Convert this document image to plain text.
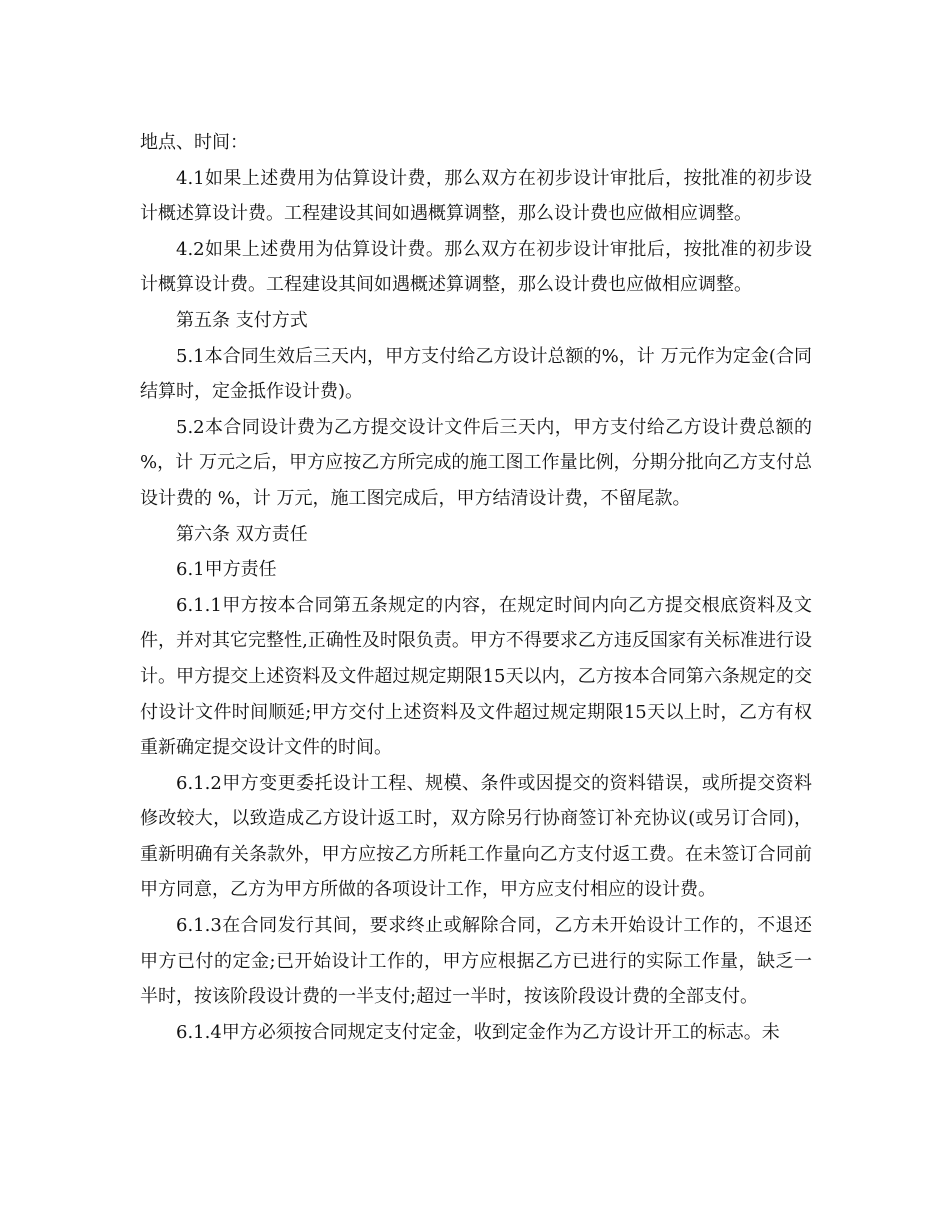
地点、时间：

4.1如果上述费用为估算设计费，那么双方在初步设计审批后，按批准的初步设计概述算设计费。工程建设其间如遇概算调整，那么设计费也应做相应调整。

4.2如果上述费用为估算设计费。那么双方在初步设计审批后，按批准的初步设计概算设计费。工程建设其间如遇概述算调整，那么设计费也应做相应调整。

第五条 支付方式

5.1本合同生效后三天内，甲方支付给乙方设计总额的%，计 万元作为定金(合同结算时，定金抵作设计费)。

5.2本合同设计费为乙方提交设计文件后三天内，甲方支付给乙方设计费总额的 %，计 万元之后，甲方应按乙方所完成的施工图工作量比例，分期分批向乙方支付总设计费的 %，计 万元，施工图完成后，甲方结清设计费，不留尾款。

第六条 双方责任

6.1甲方责任

6.1.1甲方按本合同第五条规定的内容，在规定时间内向乙方提交根底资料及文件，并对其它完整性,正确性及时限负责。甲方不得要求乙方违反国家有关标准进行设计。甲方提交上述资料及文件超过规定期限15天以内，乙方按本合同第六条规定的交付设计文件时间顺延;甲方交付上述资料及文件超过规定期限15天以上时，乙方有权重新确定提交设计文件的时间。

6.1.2甲方变更委托设计工程、规模、条件或因提交的资料错误，或所提交资料修改较大，以致造成乙方设计返工时，双方除另行协商签订补充协议(或另订合同)，重新明确有关条款外，甲方应按乙方所耗工作量向乙方支付返工费。在未签订合同前甲方同意，乙方为甲方所做的各项设计工作，甲方应支付相应的设计费。

6.1.3在合同发行其间，要求终止或解除合同，乙方未开始设计工作的，不退还甲方已付的定金;已开始设计工作的，甲方应根据乙方已进行的实际工作量，缺乏一半时，按该阶段设计费的一半支付;超过一半时，按该阶段设计费的全部支付。

6.1.4甲方必须按合同规定支付定金，收到定金作为乙方设计开工的标志。未
